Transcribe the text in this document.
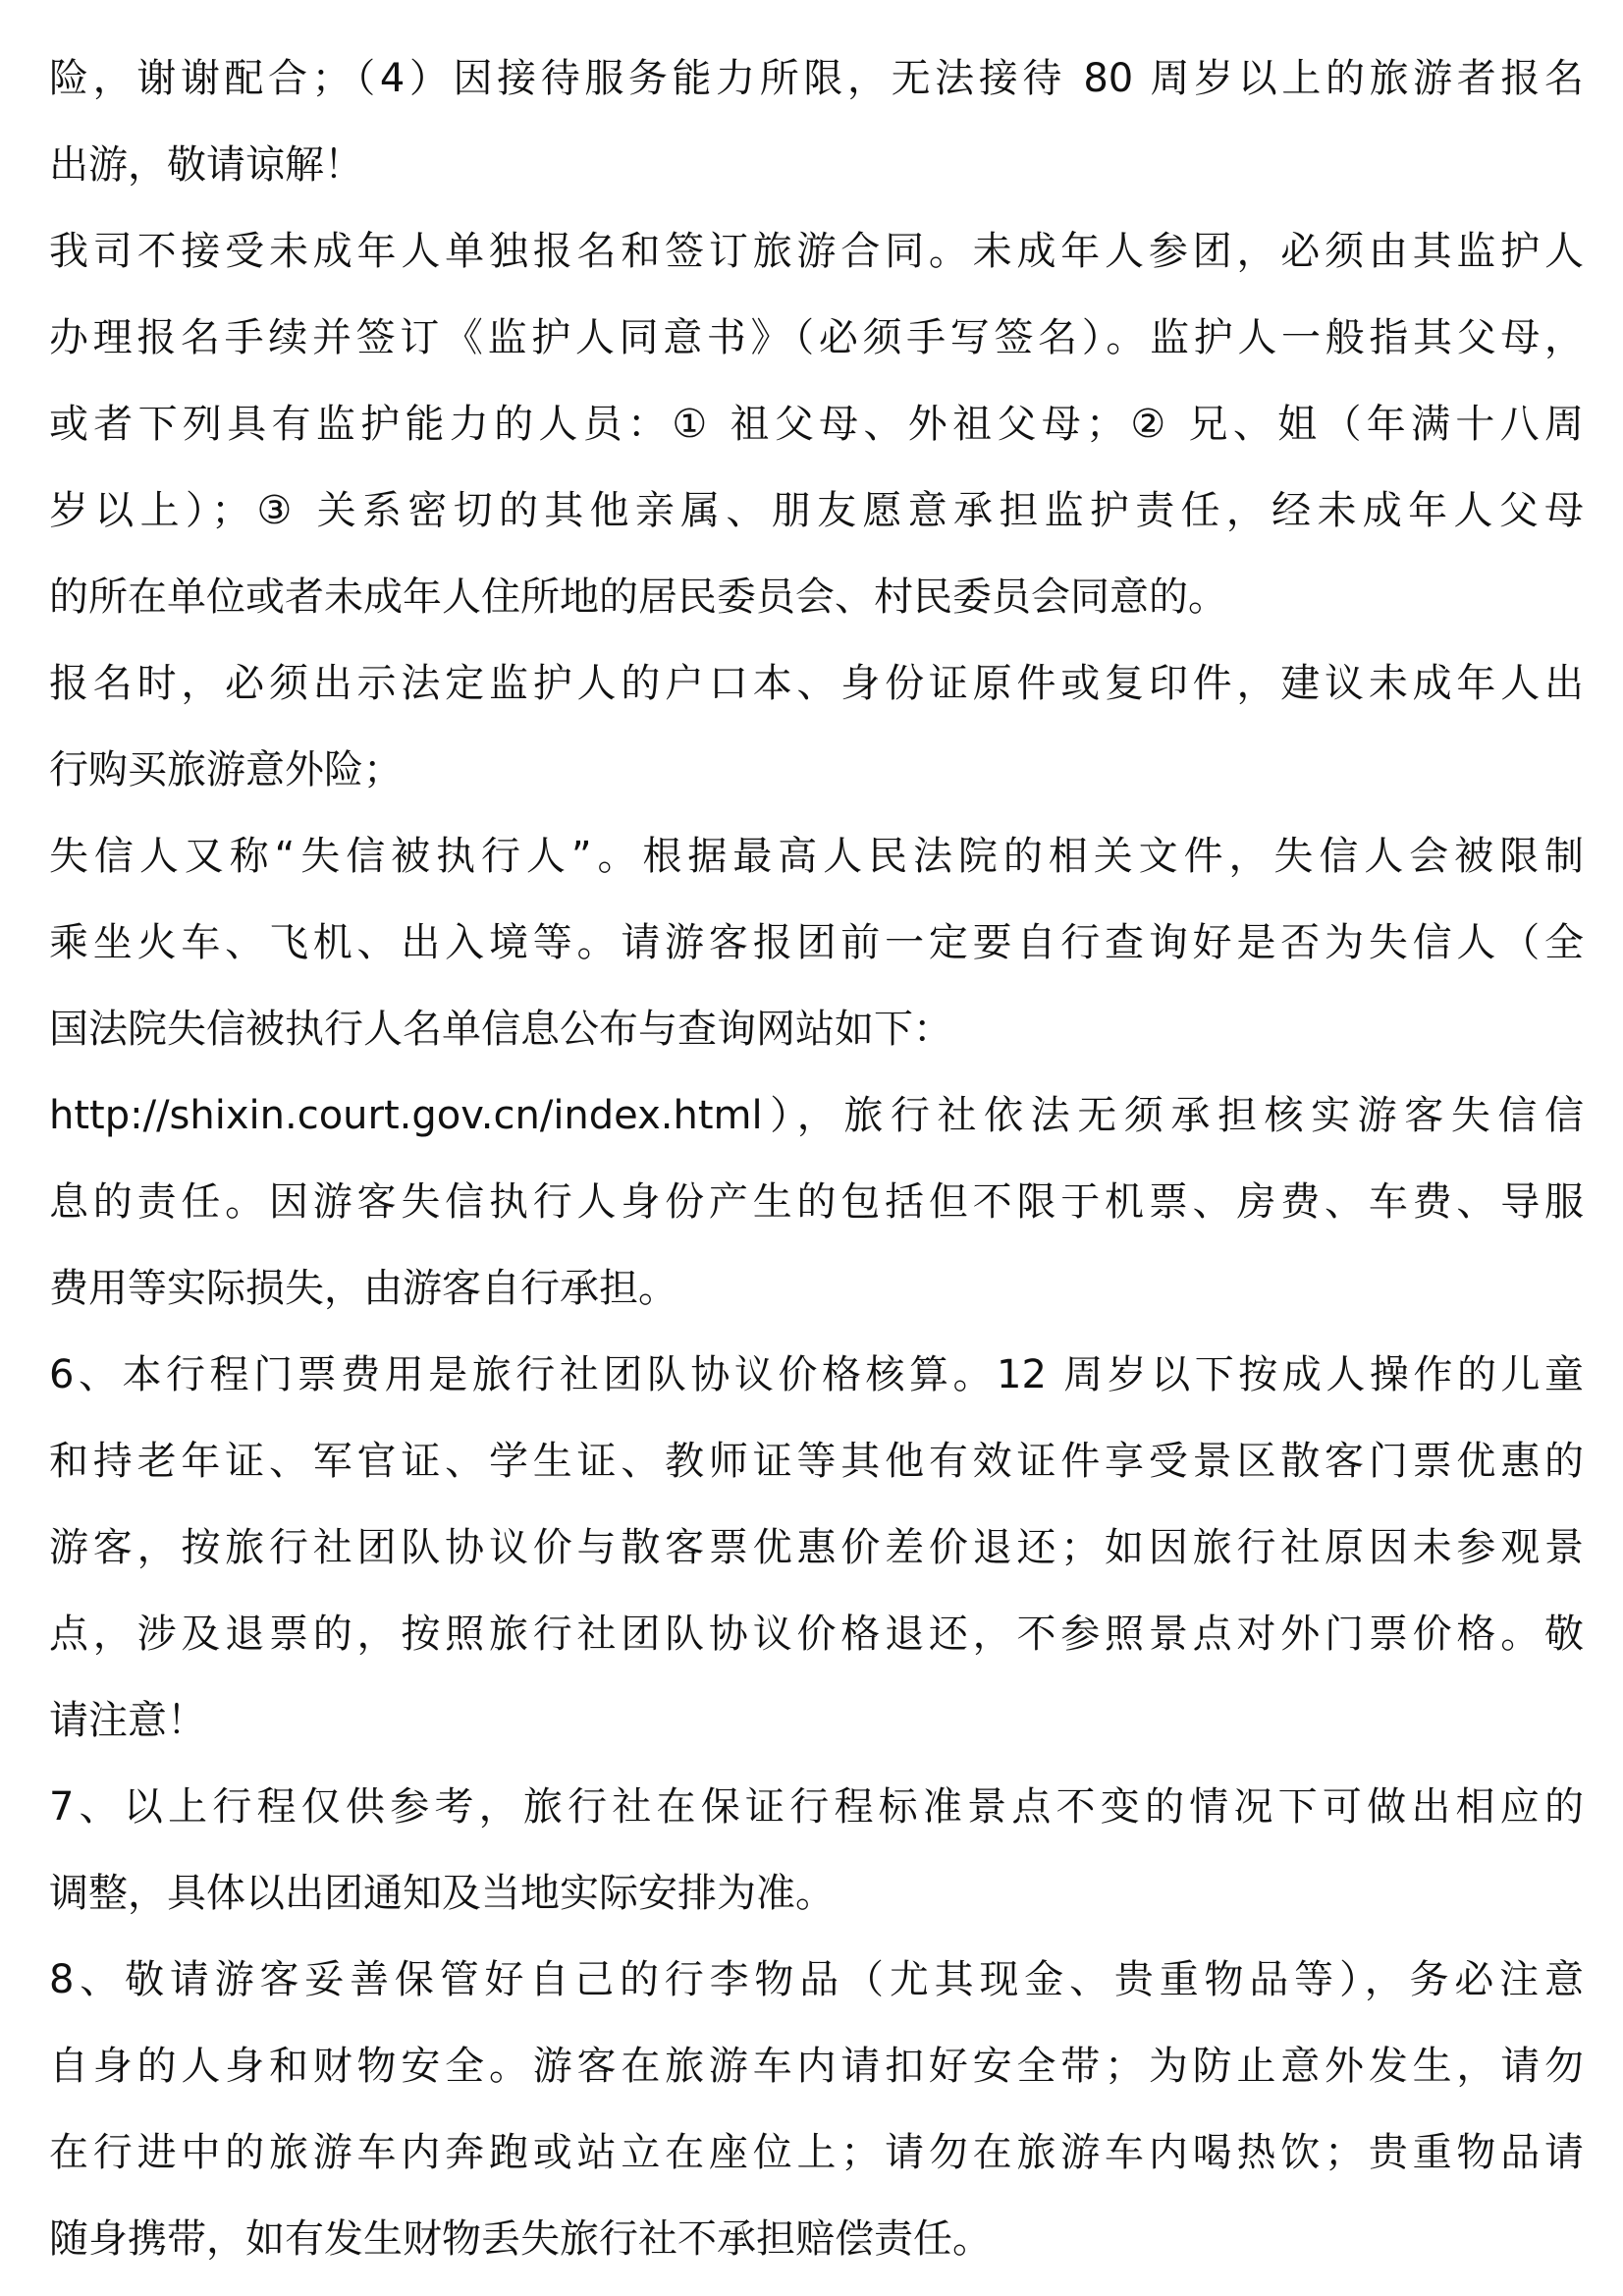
险，谢谢配合；（4）因接待服务能力所限，无法接待 80 周岁以上的旅游者报名
出游，敬请谅解！
我司不接受未成年人单独报名和签订旅游合同。未成年人参团，必须由其监护人
办理报名手续并签订《监护人同意书》（必须手写签名）。监护人一般指其父母，
或者下列具有监护能力的人员：① 祖父母、外祖父母；② 兄、姐（年满十八周
岁以上）；③ 关系密切的其他亲属、朋友愿意承担监护责任，经未成年人父母
的所在单位或者未成年人住所地的居民委员会、村民委员会同意的。
报名时，必须出示法定监护人的户口本、身份证原件或复印件，建议未成年人出
行购买旅游意外险；
失信人又称“失信被执行人”。根据最高人民法院的相关文件，失信人会被限制
乘坐火车、飞机、出入境等。请游客报团前一定要自行查询好是否为失信人（全
国法院失信被执行人名单信息公布与查询网站如下：
http://shixin.court.gov.cn/index.html），旅行社依法无须承担核实游客失信信
息的责任。因游客失信执行人身份产生的包括但不限于机票、房费、车费、导服
费用等实际损失，由游客自行承担。
6、本行程门票费用是旅行社团队协议价格核算。12 周岁以下按成人操作的儿童
和持老年证、军官证、学生证、教师证等其他有效证件享受景区散客门票优惠的
游客，按旅行社团队协议价与散客票优惠价差价退还；如因旅行社原因未参观景
点，涉及退票的，按照旅行社团队协议价格退还，不参照景点对外门票价格。敬
请注意！
7、以上行程仅供参考，旅行社在保证行程标准景点不变的情况下可做出相应的
调整，具体以出团通知及当地实际安排为准。
8、敬请游客妥善保管好自己的行李物品（尤其现金、贵重物品等），务必注意
自身的人身和财物安全。游客在旅游车内请扣好安全带；为防止意外发生，请勿
在行进中的旅游车内奔跑或站立在座位上；请勿在旅游车内喝热饮；贵重物品请
随身携带，如有发生财物丢失旅行社不承担赔偿责任。
